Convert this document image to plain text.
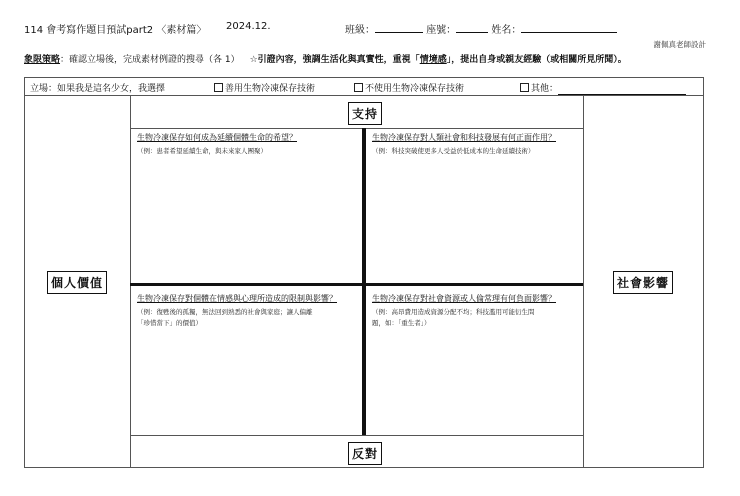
114 會考寫作題目預試part2 〈素材篇〉 2024.12.	班級：	座號：	姓名：
謝佩真老師設計
象限策略：確認立場後，完成素材例證的搜尋（各 1） ☆引證內容，強調生活化與真實性，重視「情境感」，提出自身或親友經驗（或相關所見所聞）。
立場：如果我是這名少女，我選擇	善用生物冷凍保存技術	不使用生物冷凍保存技術	其他：
支持
反對
個人價值	社會影響
生物冷凍保存如何成為延續個體生命的希望？
（例：患者希望延續生命，與未來家人團聚）
生物冷凍保存對人類社會和科技發展有何正面作用？
（例：科技突破使更多人受益於低成本的生命延續技術）
生物冷凍保存對個體在情感與心理所造成的限制與影響？
（例：復甦後的孤獨，無法回到熟悉的社會與家庭；讓人偏離
「珍惜當下」的價值）
生物冷凍保存對社會資源或人倫常理有何負面影響？
（例：高昂費用造成資源分配不均；科技濫用可能衍生問
題，如：「重生者」）
